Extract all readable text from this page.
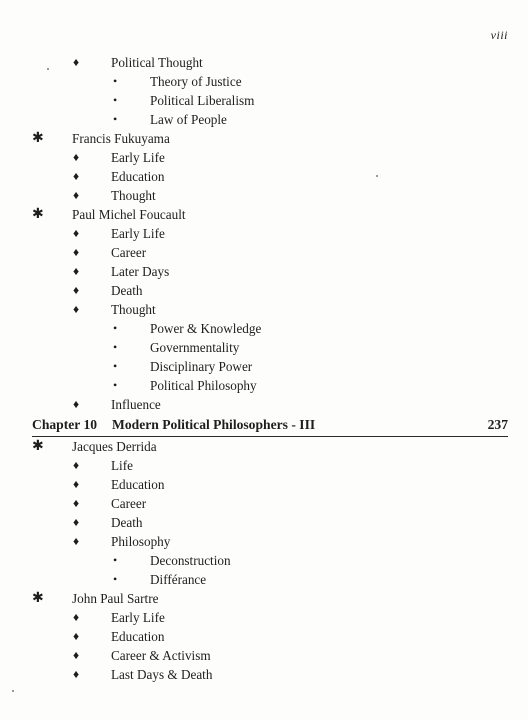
viii
♦ Political Thought
• Theory of Justice
• Political Liberalism
• Law of People
✱ Francis Fukuyama
♦ Early Life
♦ Education
♦ Thought
✱ Paul Michel Foucault
♦ Early Life
♦ Career
♦ Later Days
♦ Death
♦ Thought
• Power & Knowledge
• Governmentality
• Disciplinary Power
• Political Philosophy
♦ Influence
Chapter 10 Modern Political Philosophers - III	237
✱ Jacques Derrida
♦ Life
♦ Education
♦ Career
♦ Death
♦ Philosophy
• Deconstruction
• Différance
✱ John Paul Sartre
♦ Early Life
♦ Education
♦ Career & Activism
♦ Last Days & Death
